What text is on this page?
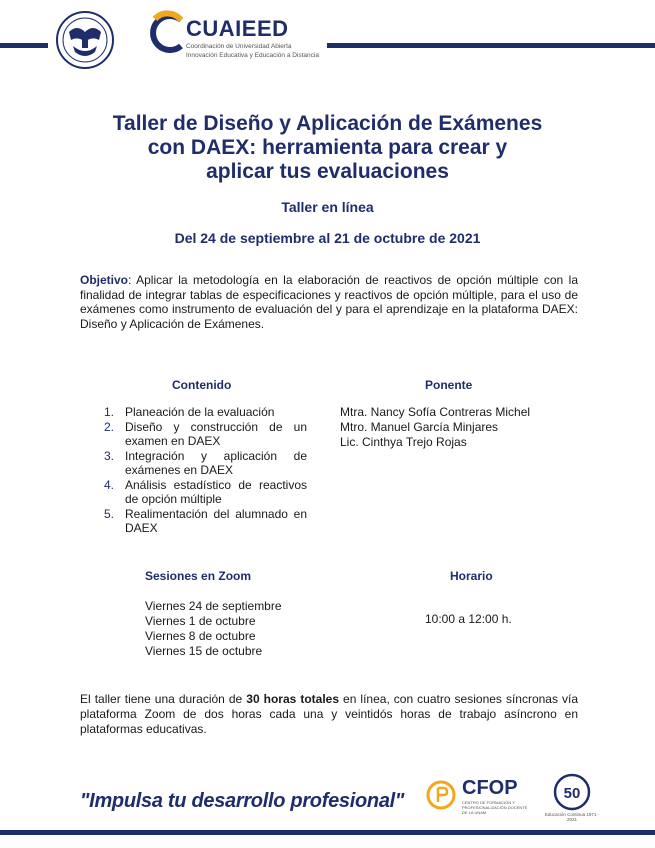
CUAIEED
Coordinación de Universidad Abierta
Innovación Educativa y Educación a Distancia
Taller de Diseño y Aplicación de Exámenes
con DAEX: herramienta para crear y
aplicar tus evaluaciones
Taller en línea
Del 24 de septiembre al 21 de octubre de 2021
Objetivo: Aplicar la metodología en la elaboración de reactivos de opción múltiple con la finalidad de integrar tablas de especificaciones y reactivos de opción múltiple, para el uso de exámenes como instrumento de evaluación del y para el aprendizaje en la plataforma DAEX: Diseño y Aplicación de Exámenes.
Contenido	Ponente
1. Planeación de la evaluación
2. Diseño y construcción de un examen en DAEX
3. Integración y aplicación de exámenes en DAEX
4. Análisis estadístico de reactivos de opción múltiple
5. Realimentación del alumnado en DAEX
Mtra. Nancy Sofía Contreras Michel
Mtro. Manuel García Minjares
Lic. Cinthya Trejo Rojas
Sesiones en Zoom	Horario
Viernes 24 de septiembre
Viernes 1 de octubre
Viernes 8 de octubre
Viernes 15 de octubre
10:00 a 12:00 h.
El taller tiene una duración de 30 horas totales en línea, con cuatro sesiones síncronas vía plataforma Zoom de dos horas cada una y veintidós horas de trabajo asíncrono en plataformas educativas.
"Impulsa tu desarrollo profesional"
CFOP
CENTRO DE FORMACIÓN Y PROFESIONALIZACIÓN DOCENTE DE LA UNAM
50
Educación Continua 1971 - 2021
